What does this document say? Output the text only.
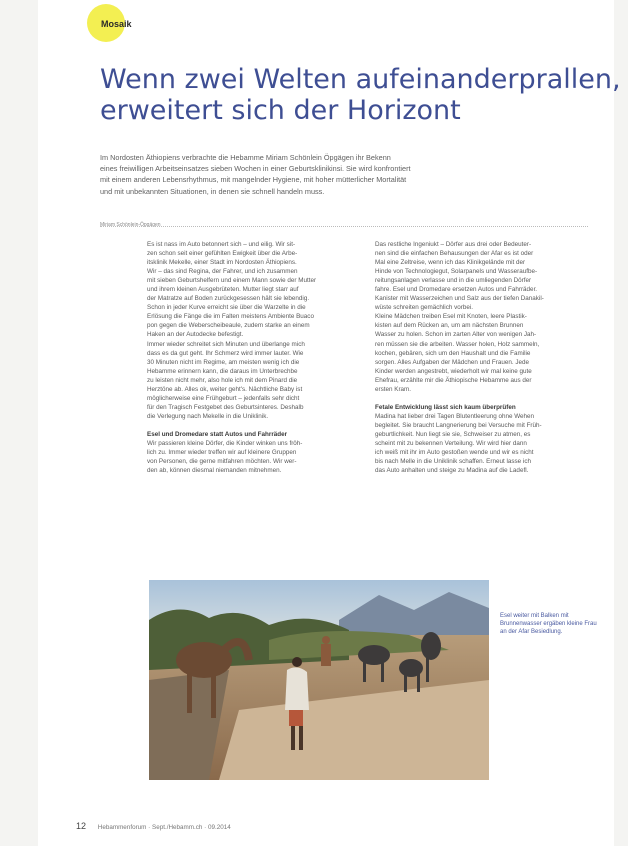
Mosaik
Wenn zwei Welten aufeinanderprallen,
erweitert sich der Horizont
Im Nordosten Äthiopiens verbrachte die Hebamme Miriam Schönlein Öpgägen ihr Bekenn
eines freiwilligen Arbeitseinsatzes sieben Wochen in einer Geburtsklinikinsi. Sie wird konfrontiert
mit einem anderen Lebensrhythmus, mit mangelnder Hygiene, mit hoher mütterlicher Mortalität
und mit unbekannten Situationen, in denen sie schnell handeln muss.
Miriam Schönlein-Öpgägen
Es ist nass im Auto betonnert sich – und eilig. Wir sit-
zen schon seit einer gefühlten Ewigkeit über die Arbe-
itsklinik Mekelle, einer Stadt im Nordosten Äthiopiens.
Wir – das sind Regina, der Fahrer, und ich zusammen
mit sieben Geburtshelfern und einem Mann sowie der Mutter
und ihrem kleinen Ausgebrüteten. Mutter liegt starr auf
der Matratze auf Boden zurückgesessen hält sie lebendig.
Schon in jeder Kurve erreicht sie über die Warzelte in die
Erlösung die Fänge die im Falten meistens Ambiente Buaco
pon gegen die Weberscheibeaule, zudem starke an einem
Haken an der Autodecke befestigt.
Immer wieder schreitet sich Minuten und überlange mich
dass es da gut geht. Ihr Schmerz wird immer lauter. Wie
30 Minuten nicht im Regime, am meisten wenig ich die
Hebamme erinnern kann, die daraus im Unterbrechbe
zu leisten nicht mehr, also hole ich mit dem Pinard die
Herztöne ab. Alles ok, weiter geht's. Nächtliche Baby ist
möglicherweise eine Frühgeburt – jedenfalls sehr dicht
für den Tragisch Festgebet des Geburtsinteres. Deshalb
die Verlegung nach Mekelle in die Uniklinik.
Esel und Dromedare statt Autos und Fahrräder
Wir passieren kleine Dörfer, die Kinder winken uns fröh-
lich zu. Immer wieder treffen wir auf kleinere Gruppen
von Personen, die gerne mitfahren möchten. Wir wer-
den ab, können diesmal niemanden mitnehmen.
Das restliche Ingeniukt – Dörfer aus drei oder Bedeuter-
nen sind die einfachen Behausungen der Afar es ist oder
Mal eine Zeltreise, wenn ich das Klinikgelände mit der
Hinde von Technologiegut, Solarpanels und Wasseraufbe-
reitungsanlagen verlasse und in die umliegenden Dörfer
fahre. Esel und Dromedare ersetzen Autos und Fahrräder.
Kanister mit Wasserzeichen und Salz aus der tiefen Danakil-
wüste schreiten gemächlich vorbei.
Kleine Mädchen treiben Esel mit Knoten, leere Plastik-
kisten auf dem Rücken an, um am nächsten Brunnen
Wasser zu holen. Schon im zarten Alter von wenigen Jah-
ren müssen sie die arbeiten. Wasser holen, Holz sammeln,
kochen, gebären, sich um den Haushalt und die Familie
sorgen. Alles Aufgaben der Mädchen und Frauen. Jede
Kinder werden angestrebt, wiederholt wir mal keine gute
Ehefrau, erzählte mir die Äthiopische Hebamme aus der
ersten Kram.
Fetale Entwicklung lässt sich kaum überprüfen
Madina hat lieber drei Tagen Blutentleerung ohne Wehen
begleitet. Sie braucht Langnerierung bei Versuche mit Früh-
geburtlichkeit. Nun liegt sie sie, Schweiser zu atmen, es
scheint mit zu bekennen Verteilung. Wir wird hier dann
ich weiß mit ihr im Auto gestoßen wende und wir es nicht
bis nach Melle in die Uniklinik schaffen. Erneut lasse ich
das Auto anhalten und steige zu Madina auf die Ladefl.
Esel weiter mit Balken mit
Brunnenwasser ergäben kleine Frau
an der Afar Besiedlung.
12 Hebammenforum · Sept./Hebamm.ch · 09.2014
